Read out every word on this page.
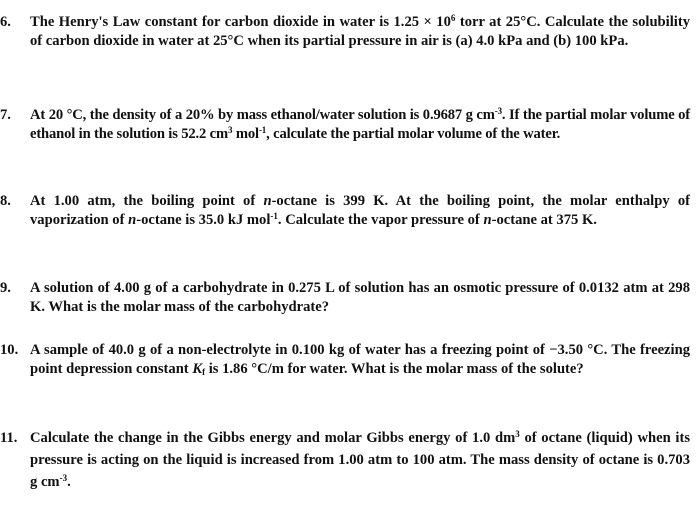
6. The Henry's Law constant for carbon dioxide in water is $1.25 \times 10^6$ torr at 25°C. Calculate the solubility of carbon dioxide in water at 25°C when its partial pressure in air is (a) 4.0 kPa and (b) 100 kPa.

7. At 20 °C, the density of a 20% by mass ethanol/water solution is 0.9687 g $cm^{-3}$. If the partial molar volume of ethanol in the solution is 52.2 $cm^3$ mol$^{-1}$, calculate the partial molar volume of the water.

8. At 1.00 atm, the boiling point of n-octane is 399 K. At the boiling point, the molar enthalpy of vaporization of n-octane is 35.0 kJ mol$^{-1}$. Calculate the vapor pressure of n-octane at 375 K.

9. A solution of 4.00 g of a carbohydrate in 0.275 L of solution has an osmotic pressure of 0.0132 atm at 298 K. What is the molar mass of the carbohydrate?

10. A sample of 40.0 g of a non-electrolyte in 0.100 kg of water has a freezing point of −3.50 °C. The freezing point depression constant $K_f$ is 1.86 °C/m for water. What is the molar mass of the solute?

11. Calculate the change in the Gibbs energy and molar Gibbs energy of 1.0 $dm^3$ of octane (liquid) when its pressure is acting on the liquid is increased from 1.00 atm to 100 atm. The mass density of octane is 0.703 g $cm^{-3}$.
